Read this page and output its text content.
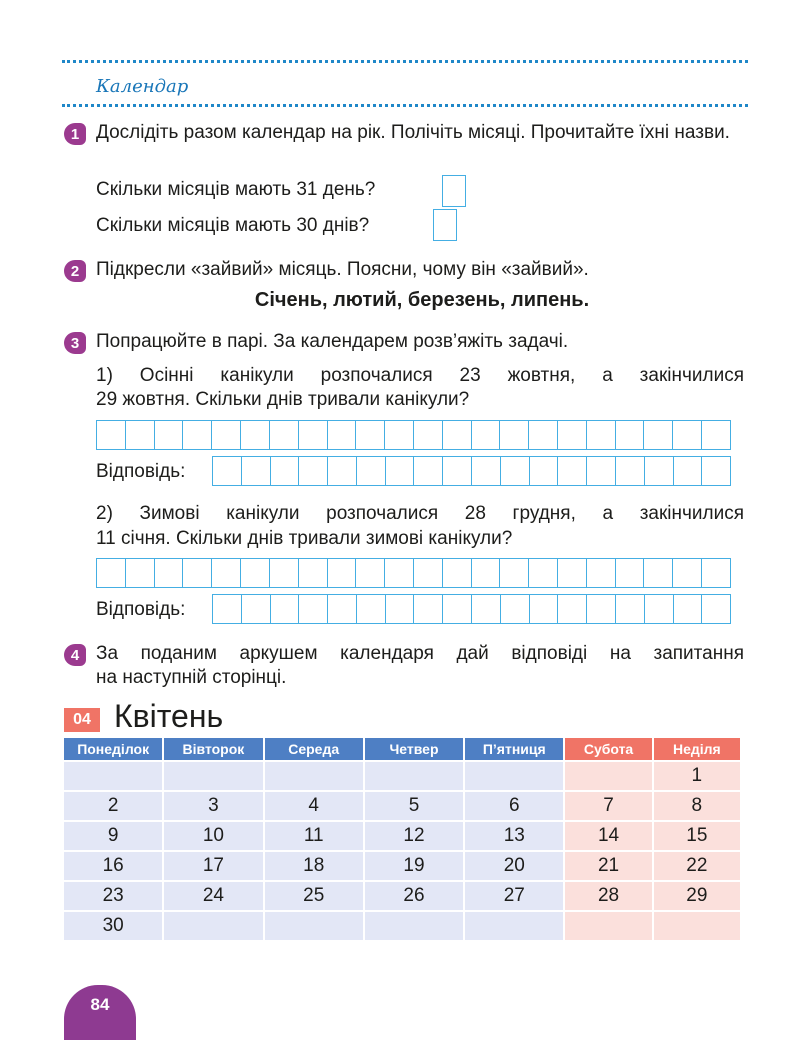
Календар
1 Дослідіть разом календар на рік. Полічіть місяці. Прочитайте їхні назви.
Скільки місяців мають 31 день?
Скільки місяців мають 30 днів?
2 Підкресли «зайвий» місяць. Поясни, чому він «зайвий».
Січень, лютий, березень, липень.
3 Попрацюйте в парі. За календарем розв’яжіть задачі.
1) Осінні канікули розпочалися 23 жовтня, а закінчилися
29 жовтня. Скільки днів тривали канікули?
Відповідь:
2) Зимові канікули розпочалися 28 грудня, а закінчилися
11 січня. Скільки днів тривали зимові канікули?
Відповідь:
4 За поданим аркушем календаря дай відповіді на запитання
на наступній сторінці.
04 Квітень
Понеділок	Вівторок	Середа	Четвер	П’ятниця	Субота	Неділя
						1
2	3	4	5	6	7	8
9	10	11	12	13	14	15
16	17	18	19	20	21	22
23	24	25	26	27	28	29
30						
84
